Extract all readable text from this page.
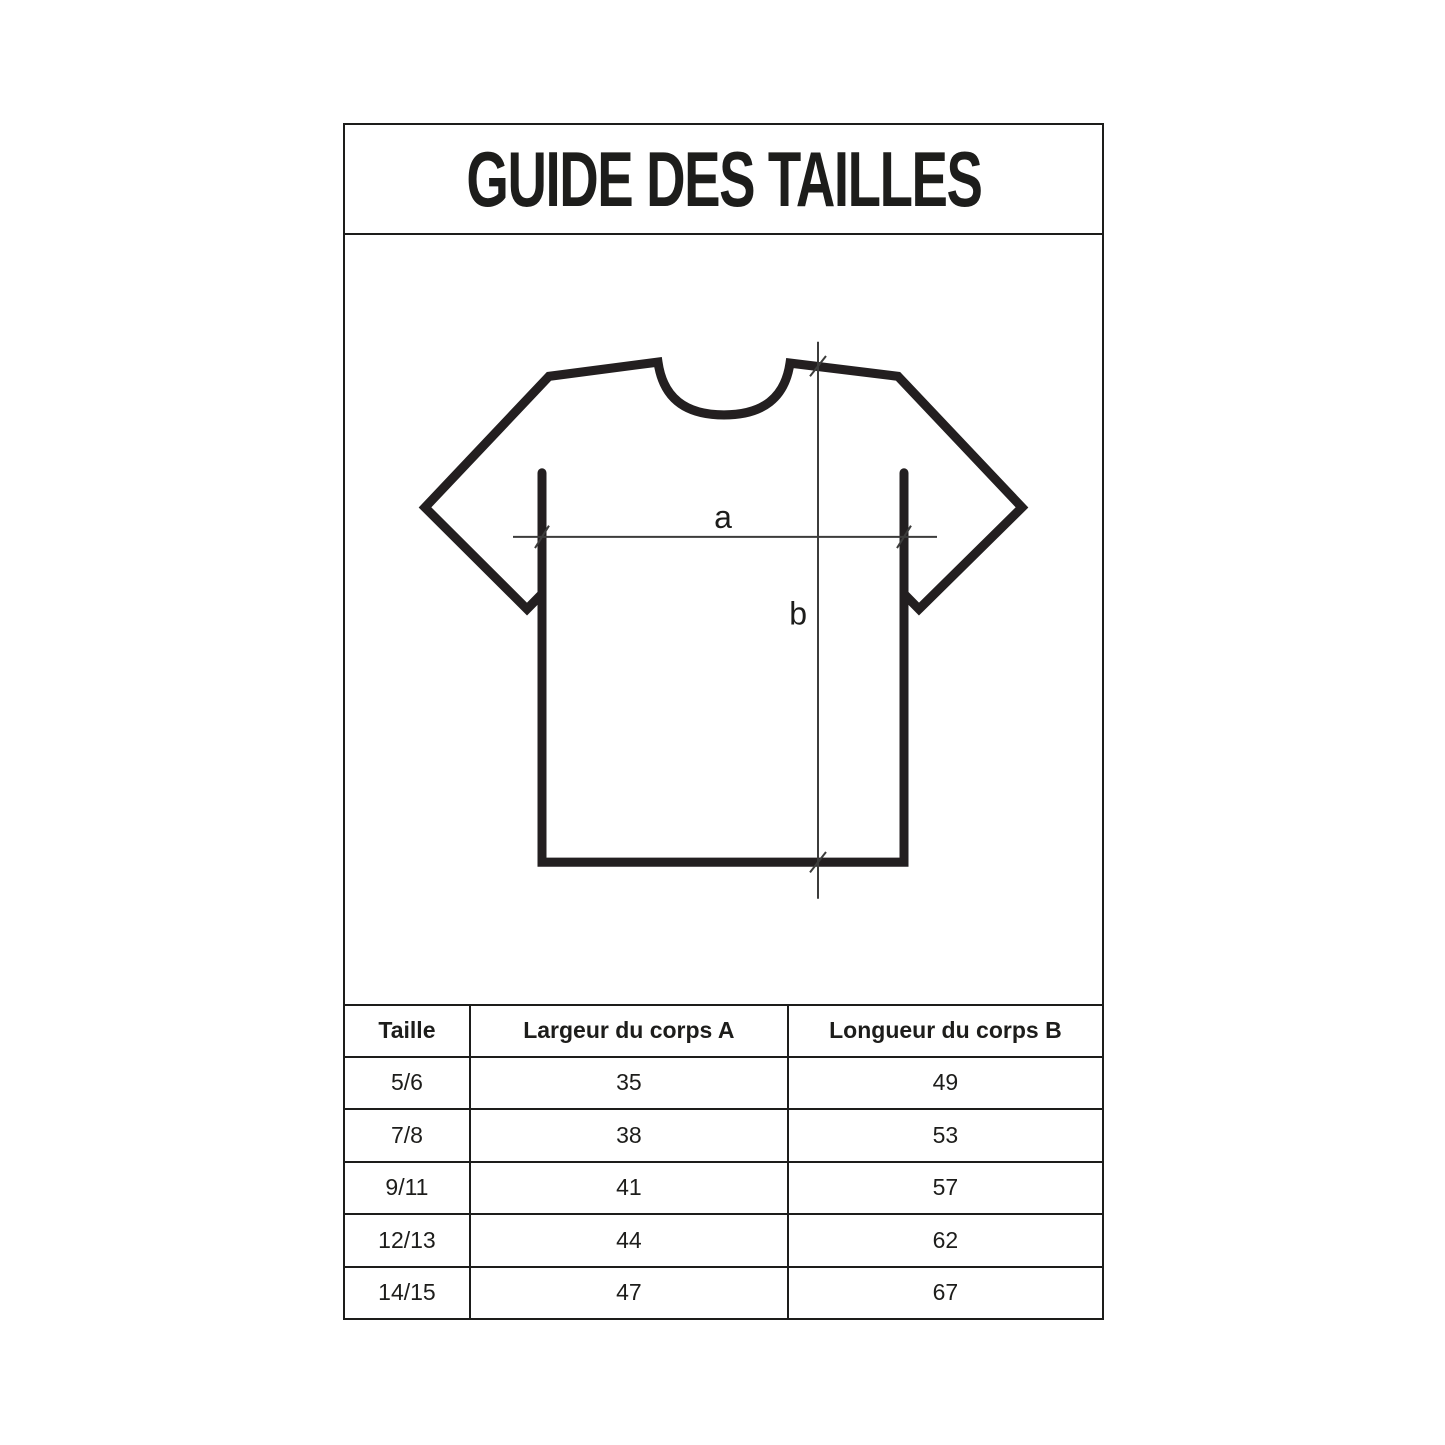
GUIDE DES TAILLES
a
b
Taille	Largeur du corps A	Longueur du corps B
5/6	35	49
7/8	38	53
9/11	41	57
12/13	44	62
14/15	47	67
